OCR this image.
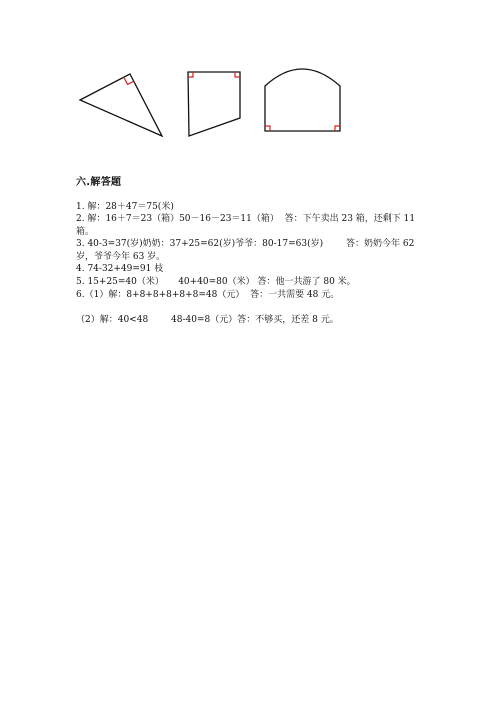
六.解答题

1. 解：28＋47＝75(米)

2. 解：16＋7＝23（箱）50－16－23＝11（箱）  答：下午卖出 23 箱，还剩下 11 箱。

3. 40-3=37(岁)奶奶：37+25=62(岁)爷爷：80-17=63(岁)        答：奶奶今年 62 岁，爷爷今年 63 岁。

4. 74-32+49=91 枝

5. 15+25=40（米）     40+40=80（米） 答：他一共游了 80 米。

6.（1）解：8+8+8+8+8+8=48（元）  答：一共需要 48 元。

（2）解：40<48        48-40=8（元）答：不够买，还差 8 元。
